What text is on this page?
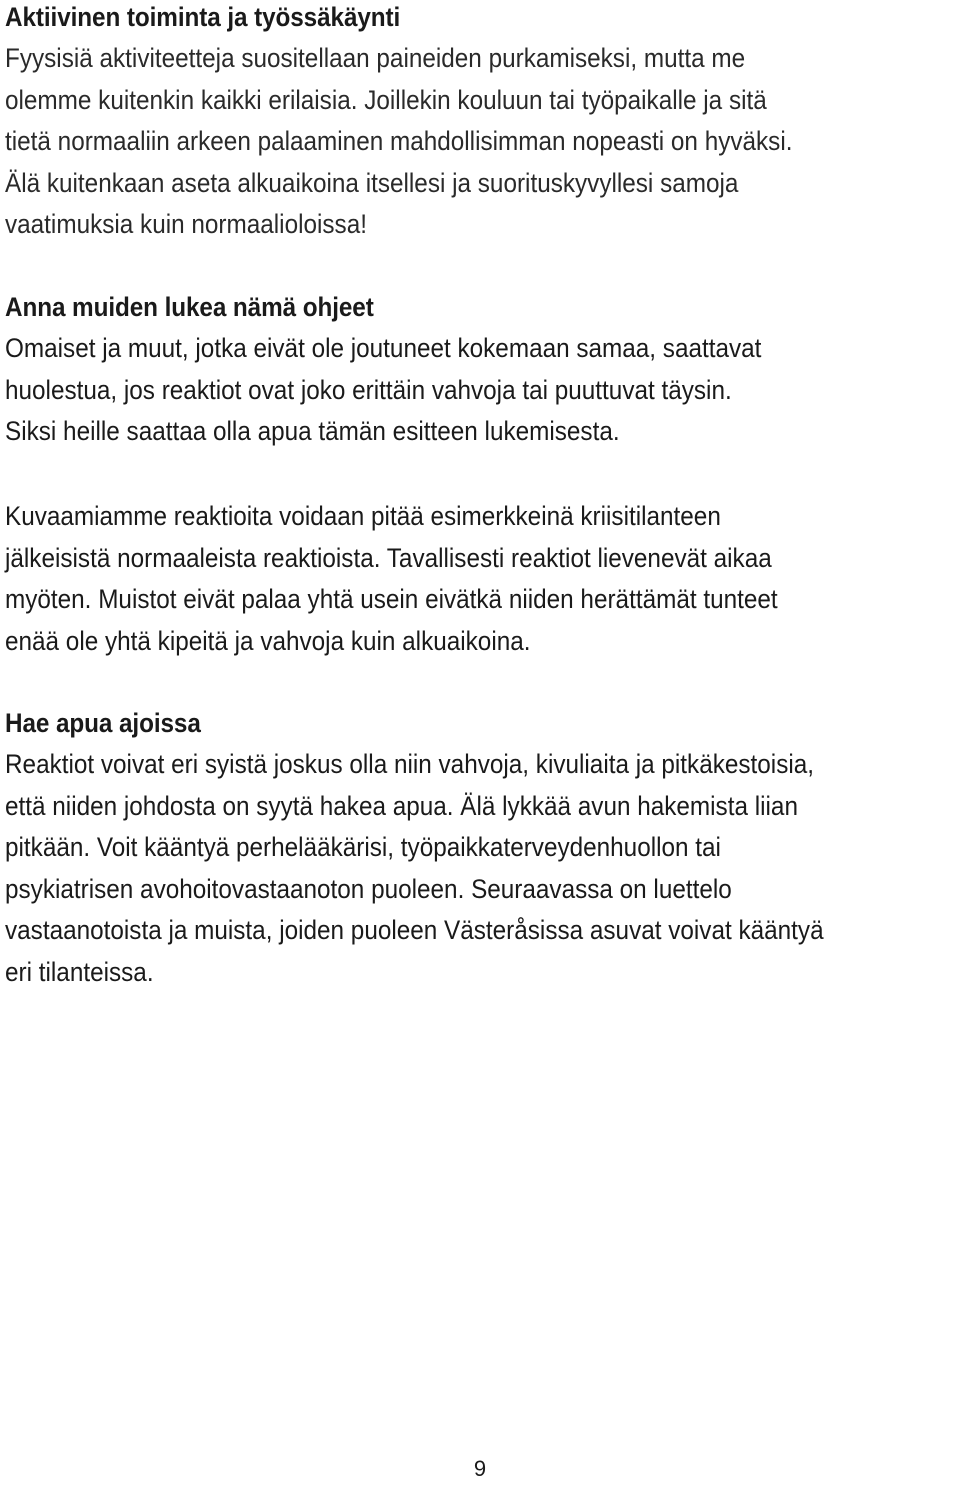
Aktiivinen toiminta ja työssäkäynti
Fyysisiä aktiviteetteja suositellaan paineiden purkamiseksi, mutta me
olemme kuitenkin kaikki erilaisia. Joillekin kouluun tai työpaikalle ja sitä
tietä normaaliin arkeen palaaminen mahdollisimman nopeasti on hyväksi.
Älä kuitenkaan aseta alkuaikoina itsellesi ja suorituskyvyllesi samoja
vaatimuksia kuin normaalioloissa!
Anna muiden lukea nämä ohjeet
Omaiset ja muut, jotka eivät ole joutuneet kokemaan samaa, saattavat
huolestua, jos reaktiot ovat joko erittäin vahvoja tai puuttuvat täysin.
Siksi heille saattaa olla apua tämän esitteen lukemisesta.
Kuvaamiamme reaktioita voidaan pitää esimerkkeinä kriisitilanteen
jälkeisistä normaaleista reaktioista. Tavallisesti reaktiot lievenevät aikaa
myöten. Muistot eivät palaa yhtä usein eivätkä niiden herättämät tunteet
enää ole yhtä kipeitä ja vahvoja kuin alkuaikoina.
Hae apua ajoissa
Reaktiot voivat eri syistä joskus olla niin vahvoja, kivuliaita ja pitkäkestoisia,
että niiden johdosta on syytä hakea apua. Älä lykkää avun hakemista liian
pitkään. Voit kääntyä perhelääkärisi, työpaikkaterveydenhuollon tai
psykiatrisen avohoitovastaanoton puoleen. Seuraavassa on luettelo
vastaanotoista ja muista, joiden puoleen Västeråsissa asuvat voivat kääntyä
eri tilanteissa.
9
